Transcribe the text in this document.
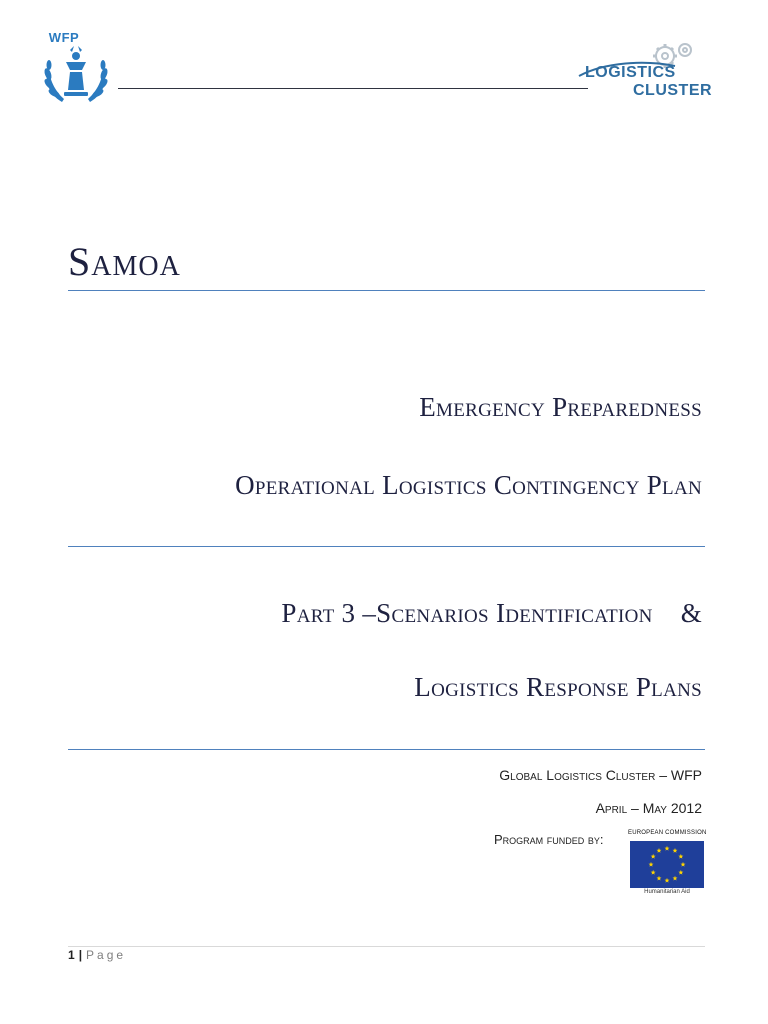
WFP
LOGISTICS
CLUSTER
Samoa
Emergency Preparedness
Operational Logistics Contingency Plan
Part 3 –Scenarios Identification &
Logistics Response Plans
Global Logistics Cluster – WFP
April – May 2012
Program funded by:	EUROPEAN COMMISSION
Humanitarian Aid
1 | Page
